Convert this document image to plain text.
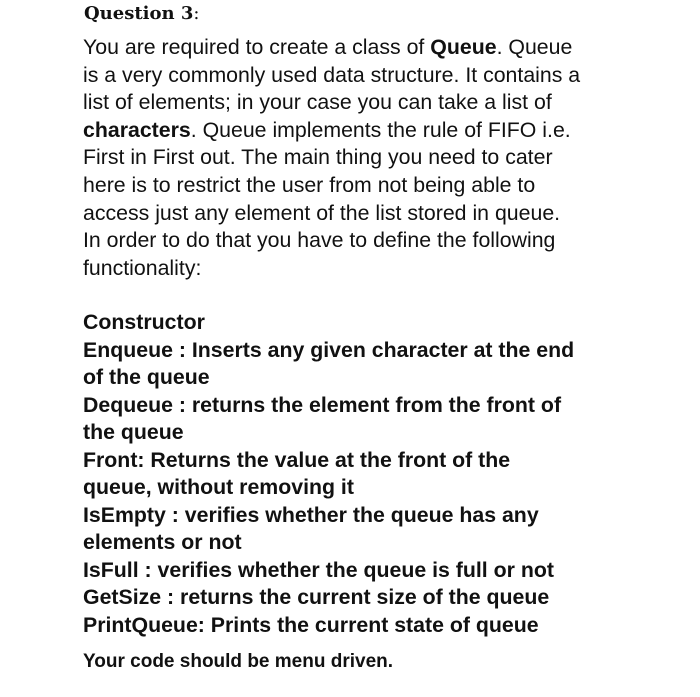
Question 3:
You are required to create a class of Queue. Queue
is a very commonly used data structure. It contains a
list of elements; in your case you can take a list of
characters. Queue implements the rule of FIFO i.e.
First in First out. The main thing you need to cater
here is to restrict the user from not being able to
access just any element of the list stored in queue.
In order to do that you have to define the following
functionality:
Constructor
Enqueue : Inserts any given character at the end
of the queue
Dequeue : returns the element from the front of
the queue
Front: Returns the value at the front of the
queue, without removing it
IsEmpty : verifies whether the queue has any
elements or not
IsFull : verifies whether the queue is full or not
GetSize : returns the current size of the queue
PrintQueue: Prints the current state of queue
Your code should be menu driven.
